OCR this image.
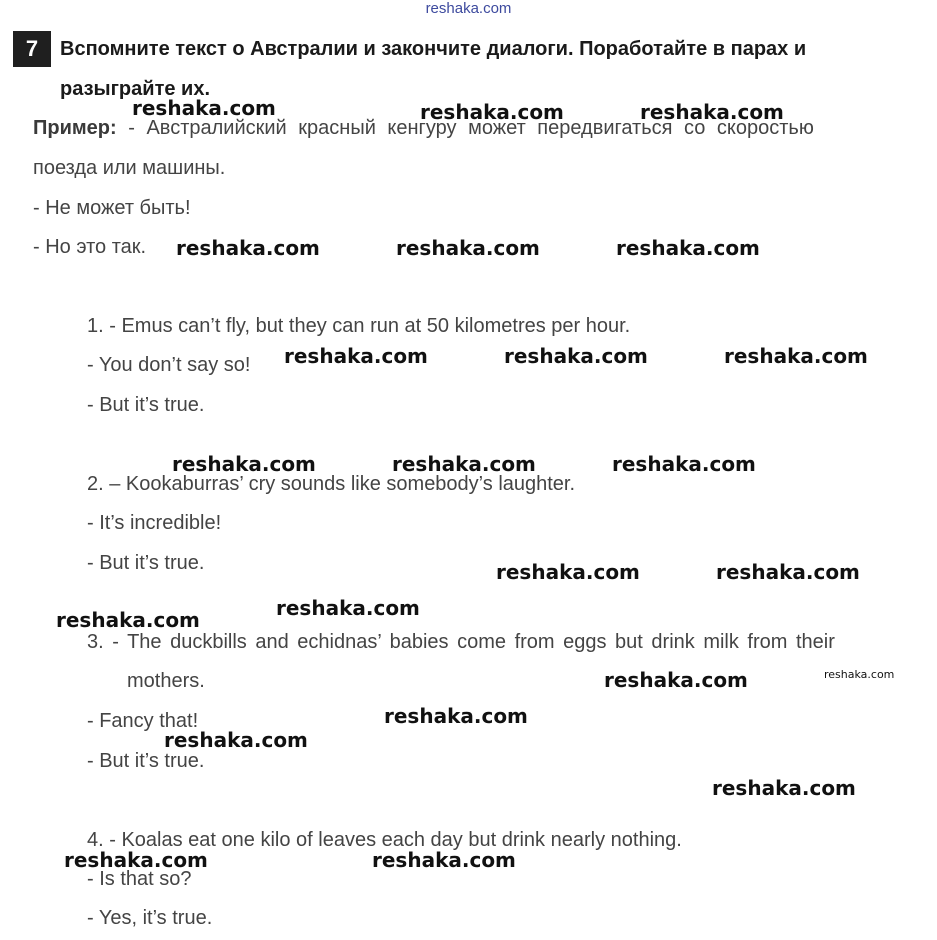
reshaka.com
7	Вспомните текст о Австралии и закончите диалоги. Поработайте в парах и
разыграйте их.
Пример: - Австралийский красный кенгуру может передвигаться со скоростью
поезда или машины.
- Не может быть!
- Но это так.
1. - Emus can’t fly, but they can run at 50 kilometres per hour.
- You don’t say so!
- But it’s true.
2. – Kookaburras’ cry sounds like somebody’s laughter.
- It’s incredible!
- But it’s true.
3. - The duckbills and echidnas’ babies come from eggs but drink milk from their
mothers.
- Fancy that!
- But it’s true.
4. - Koalas eat one kilo of leaves each day but drink nearly nothing.
- Is that so?
- Yes, it’s true.
reshaka.com	reshaka.com	reshaka.com
reshaka.com	reshaka.com	reshaka.com
reshaka.com	reshaka.com	reshaka.com
reshaka.com	reshaka.com	reshaka.com
reshaka.com	reshaka.com
reshaka.com
reshaka.com
reshaka.com	reshaka.com
reshaka.com
reshaka.com
reshaka.com
reshaka.com	reshaka.com
